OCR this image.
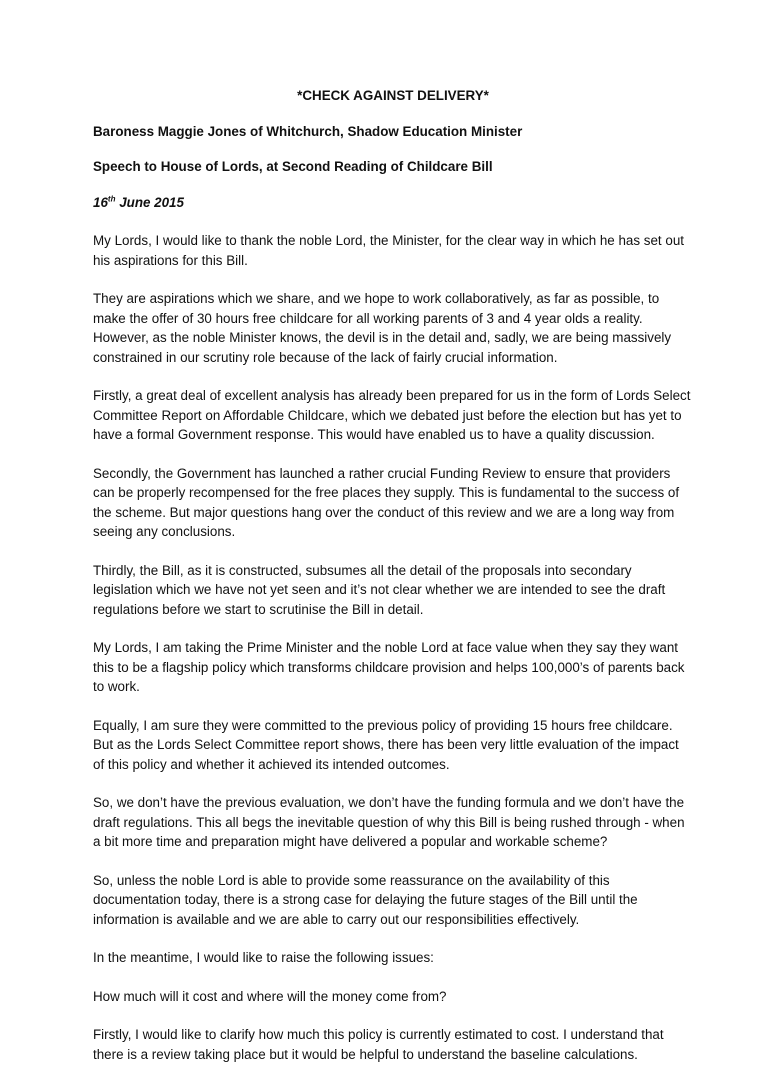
*CHECK AGAINST DELIVERY*

Baroness Maggie Jones of Whitchurch, Shadow Education Minister

Speech to House of Lords, at Second Reading of Childcare Bill

16th June 2015

My Lords, I would like to thank the noble Lord, the Minister, for the clear way in which he has set out his aspirations for this Bill.

They are aspirations which we share, and we hope to work collaboratively, as far as possible, to make the offer of 30 hours free childcare for all working parents of 3 and 4 year olds a reality. However, as the noble Minister knows, the devil is in the detail and, sadly, we are being massively constrained in our scrutiny role because of the lack of fairly crucial information.

Firstly, a great deal of excellent analysis has already been prepared for us in the form of Lords Select Committee Report on Affordable Childcare, which we debated just before the election but has yet to have a formal Government response. This would have enabled us to have a quality discussion.

Secondly, the Government has launched a rather crucial Funding Review to ensure that providers can be properly recompensed for the free places they supply. This is fundamental to the success of the scheme. But major questions hang over the conduct of this review and we are a long way from seeing any conclusions.

Thirdly, the Bill, as it is constructed, subsumes all the detail of the proposals into secondary legislation which we have not yet seen and it’s not clear whether we are intended to see the draft regulations before we start to scrutinise the Bill in detail.

My Lords, I am taking the Prime Minister and the noble Lord at face value when they say they want this to be a flagship policy which transforms childcare provision and helps 100,000’s of parents back to work.

Equally, I am sure they were committed to the previous policy of providing 15 hours free childcare. But as the Lords Select Committee report shows, there has been very little evaluation of the impact of this policy and whether it achieved its intended outcomes.

So, we don’t have the previous evaluation, we don’t have the funding formula and we don’t have the draft regulations. This all begs the inevitable question of why this Bill is being rushed through - when a bit more time and preparation might have delivered a popular and workable scheme?

So, unless the noble Lord is able to provide some reassurance on the availability of this documentation today, there is a strong case for delaying the future stages of the Bill until the information is available and we are able to carry out our responsibilities effectively.

In the meantime, I would like to raise the following issues:

How much will it cost and where will the money come from?

Firstly, I would like to clarify how much this policy is currently estimated to cost. I understand that there is a review taking place but it would be helpful to understand the baseline calculations.
